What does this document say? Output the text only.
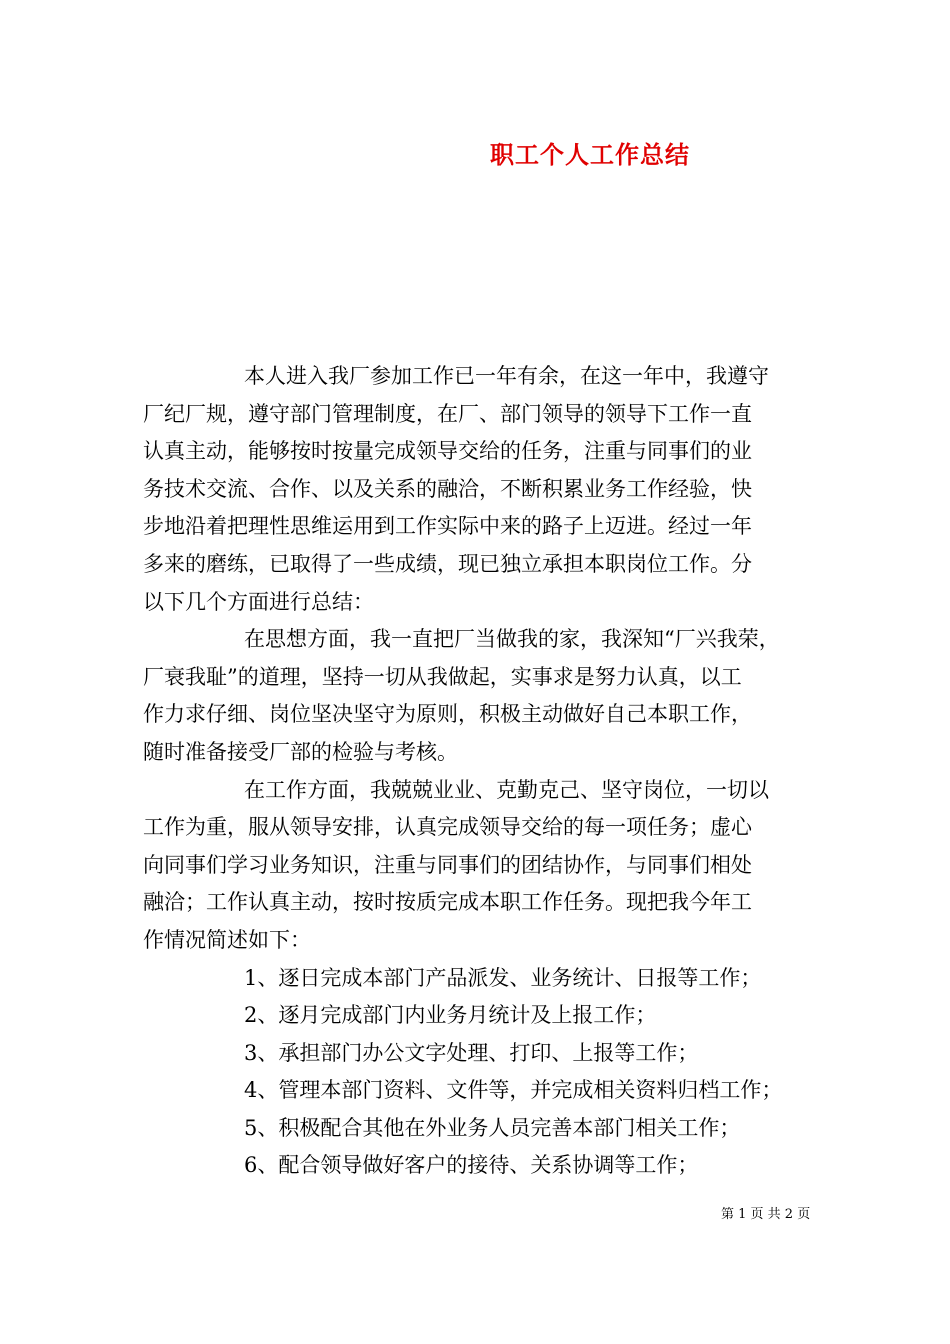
职工个人工作总结
本人进入我厂参加工作已一年有余，在这一年中，我遵守
厂纪厂规，遵守部门管理制度，在厂、部门领导的领导下工作一直
认真主动，能够按时按量完成领导交给的任务，注重与同事们的业
务技术交流、合作、以及关系的融洽，不断积累业务工作经验，快
步地沿着把理性思维运用到工作实际中来的路子上迈进。经过一年
多来的磨练，已取得了一些成绩，现已独立承担本职岗位工作。分
以下几个方面进行总结：
在思想方面，我一直把厂当做我的家，我深知“厂兴我荣，
厂衰我耻”的道理，坚持一切从我做起，实事求是努力认真，以工
作力求仔细、岗位坚决坚守为原则，积极主动做好自己本职工作，
随时准备接受厂部的检验与考核。
在工作方面，我兢兢业业、克勤克己、坚守岗位，一切以
工作为重，服从领导安排，认真完成领导交给的每一项任务；虚心
向同事们学习业务知识，注重与同事们的团结协作，与同事们相处
融洽；工作认真主动，按时按质完成本职工作任务。现把我今年工
作情况简述如下：
1、逐日完成本部门产品派发、业务统计、日报等工作；
2、逐月完成部门内业务月统计及上报工作；
3、承担部门办公文字处理、打印、上报等工作；
4、管理本部门资料、文件等，并完成相关资料归档工作；
5、积极配合其他在外业务人员完善本部门相关工作；
6、配合领导做好客户的接待、关系协调等工作；
第 1 页 共 2 页
